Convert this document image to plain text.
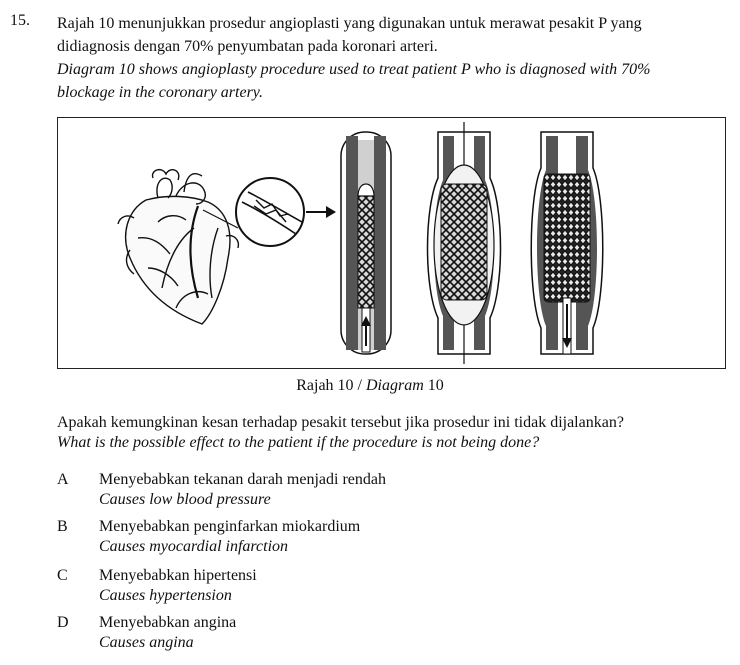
15. Rajah 10 menunjukkan prosedur angioplasti yang digunakan untuk merawat pesakit P yang
didiagnosis dengan 70% penyumbatan pada koronari arteri.
Diagram 10 shows angioplasty procedure used to treat patient P who is diagnosed with 70%
blockage in the coronary artery.
Rajah 10 / Diagram 10
Apakah kemungkinan kesan terhadap pesakit tersebut jika prosedur ini tidak dijalankan?
What is the possible effect to the patient if the procedure is not being done?
A Menyebabkan tekanan darah menjadi rendah
Causes low blood pressure
B Menyebabkan penginfarkan miokardium
Causes myocardial infarction
C Menyebabkan hipertensi
Causes hypertension
D Menyebabkan angina
Causes angina
